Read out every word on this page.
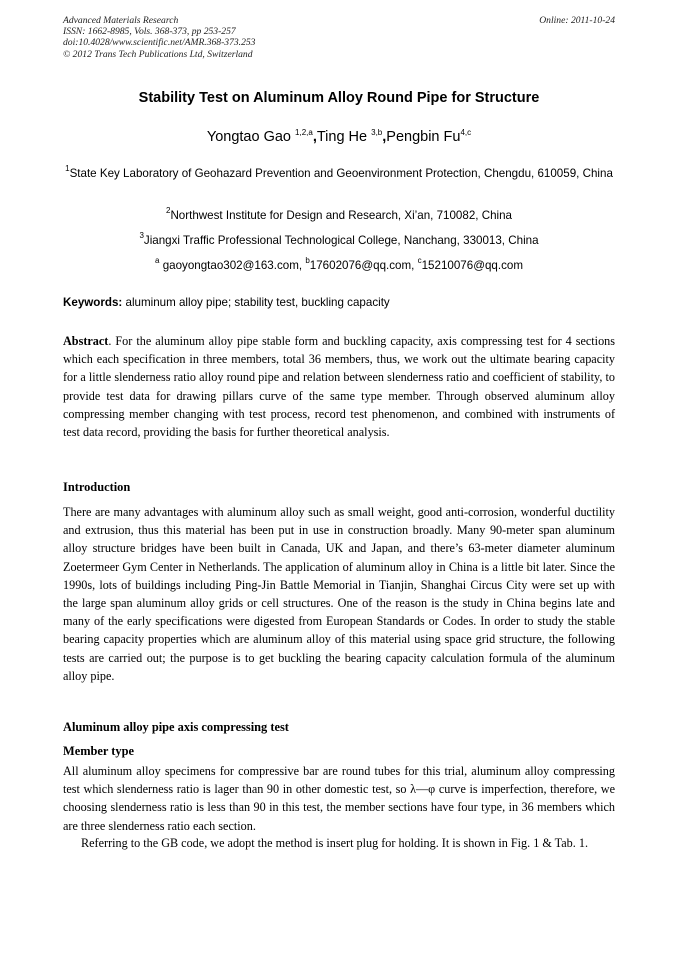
Advanced Materials Research
ISSN: 1662-8985, Vols. 368-373, pp 253-257
doi:10.4028/www.scientific.net/AMR.368-373.253
© 2012 Trans Tech Publications Ltd, Switzerland
Online: 2011-10-24
Stability Test on Aluminum Alloy Round Pipe for Structure
Yongtao Gao $^{1,2,a}$,Ting He $^{3,b}$,Pengbin Fu$^{4,c}$
$^1$State Key Laboratory of Geohazard Prevention and Geoenvironment Protection, Chengdu, 610059, China
$^2$Northwest Institute for Design and Research, Xi’an, 710082, China
$^3$Jiangxi Traffic Professional Technological College, Nanchang, 330013, China
$^a$ gaoyongtao302@163.com, $^b$17602076@qq.com, $^c$15210076@qq.com
Keywords: aluminum alloy pipe; stability test, buckling capacity
Abstract. For the aluminum alloy pipe stable form and buckling capacity, axis compressing test for 4 sections which each specification in three members, total 36 members, thus, we work out the ultimate bearing capacity for a little slenderness ratio alloy round pipe and relation between slenderness ratio and coefficient of stability, to provide test data for drawing pillars curve of the same type member. Through observed aluminum alloy compressing member changing with test process, record test phenomenon, and combined with instruments of test data record, providing the basis for further theoretical analysis.
Introduction
There are many advantages with aluminum alloy such as small weight, good anti-corrosion, wonderful ductility and extrusion, thus this material has been put in use in construction broadly. Many 90-meter span aluminum alloy structure bridges have been built in Canada, UK and Japan, and there’s 63-meter diameter aluminum Zoetermeer Gym Center in Netherlands. The application of aluminum alloy in China is a little bit later. Since the 1990s, lots of buildings including Ping-Jin Battle Memorial in Tianjin, Shanghai Circus City were set up with the large span aluminum alloy grids or cell structures. One of the reason is the study in China begins late and many of the early specifications were digested from European Standards or Codes. In order to study the stable bearing capacity properties which are aluminum alloy of this material using space grid structure, the following tests are carried out; the purpose is to get buckling the bearing capacity calculation formula of the aluminum alloy pipe.
Aluminum alloy pipe axis compressing test
Member type
All aluminum alloy specimens for compressive bar are round tubes for this trial, aluminum alloy compressing test which slenderness ratio is lager than 90 in other domestic test, so λ—φ curve is imperfection, therefore, we choosing slenderness ratio is less than 90 in this test, the member sections have four type, in 36 members which are three slenderness ratio each section.
Referring to the GB code, we adopt the method is insert plug for holding. It is shown in Fig. 1 & Tab. 1.
